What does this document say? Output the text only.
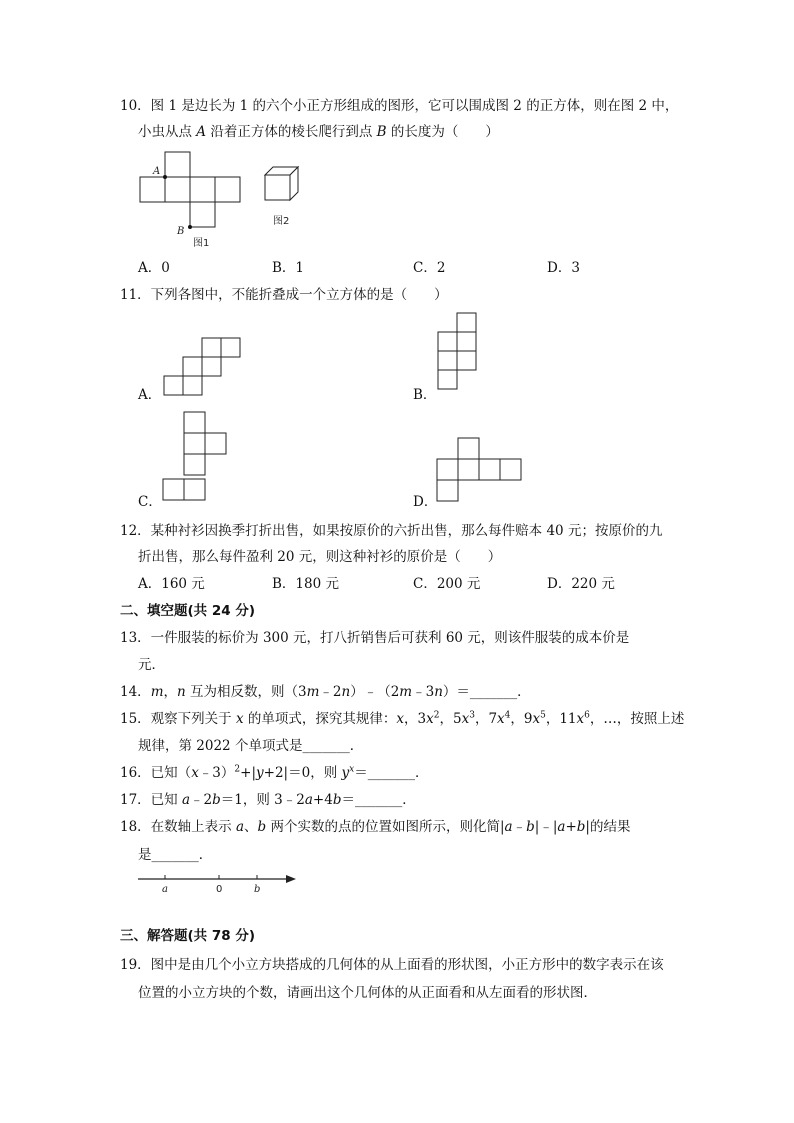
10．图 1 是边长为 1 的六个小正方形组成的图形，它可以围成图 2 的正方体，则在图 2 中，
小虫从点 A 沿着正方体的棱长爬行到点 B 的长度为（　　）
A
B
图1
图2
A．0	B．1	C．2	D．3
11．下列各图中，不能折叠成一个立方体的是（　　）
A．	B．
C．	D．
12．某种衬衫因换季打折出售，如果按原价的六折出售，那么每件赔本 40 元；按原价的九
折出售，那么每件盈利 20 元，则这种衬衫的原价是（　　）
A．160 元	B．180 元	C．200 元	D．220 元
二、填空题(共 24 分)
13．一件服装的标价为 300 元，打八折销售后可获利 60 元，则该件服装的成本价是
元．
14．m，n 互为相反数，则（3m﹣2n）﹣（2m﹣3n）＝_______．
15．观察下列关于 x 的单项式，探究其规律：x，$3x^2$，$5x^3$，$7x^4$，$9x^5$，$11x^6$，…，按照上述
规律，第 2022 个单项式是_______．
16．已知（x﹣3）$^2$+|y+2|＝0，则 $y^x=\_\_\_\_\_\_\_$．
17．已知 a﹣2b＝1，则 3﹣2a+4b＝_______．
18．在数轴上表示 a、b 两个实数的点的位置如图所示，则化简|a﹣b|﹣|a+b|的结果
是_______．
a	0	b
三、解答题(共 78 分)
19．图中是由几个小立方块搭成的几何体的从上面看的形状图，小正方形中的数字表示在该
位置的小立方块的个数，请画出这个几何体的从正面看和从左面看的形状图．
